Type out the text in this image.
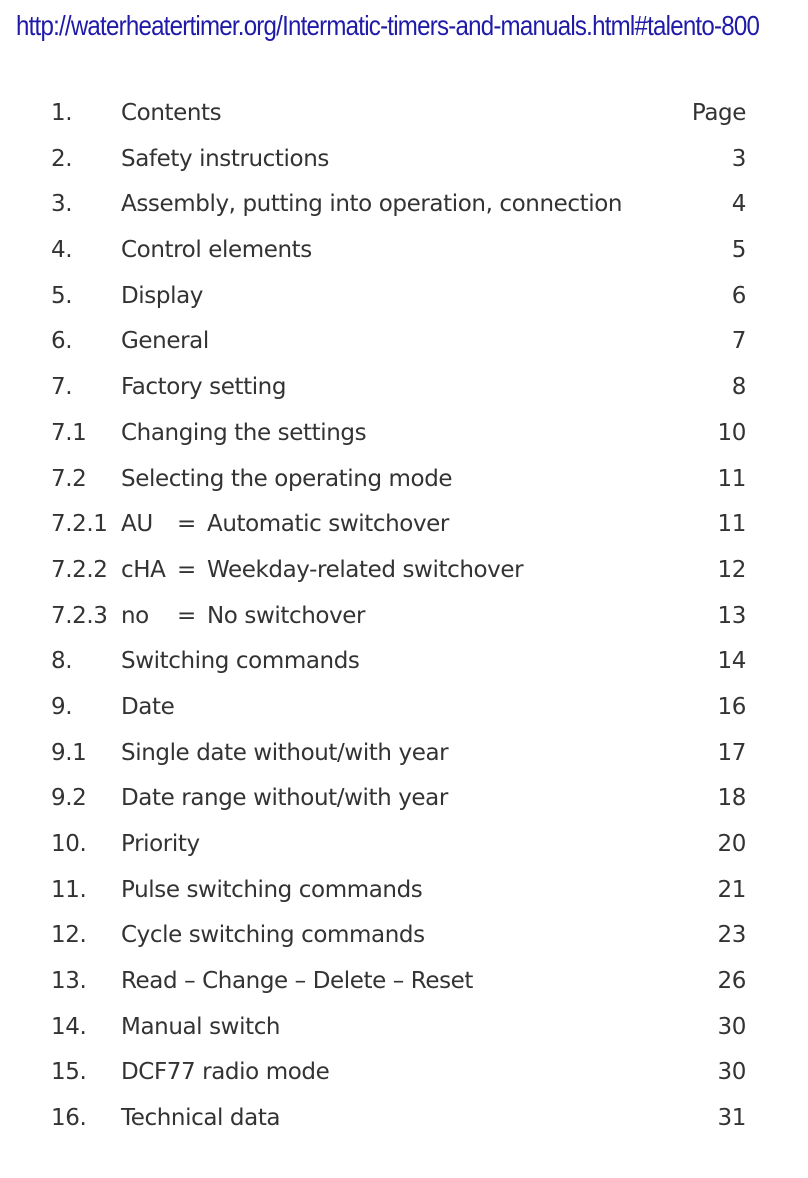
http://waterheatertimer.org/Intermatic-timers-and-manuals.html#talento-800
1. Contents	Page
2. Safety instructions	3
3. Assembly, putting into operation, connection	4
4. Control elements	5
5. Display	6
6. General	7
7. Factory setting	8
7.1 Changing the settings	10
7.2 Selecting the operating mode	11
7.2.1 AU = Automatic switchover	11
7.2.2 cHA = Weekday-related switchover	12
7.2.3 no = No switchover	13
8. Switching commands	14
9. Date	16
9.1 Single date without/with year	17
9.2 Date range without/with year	18
10. Priority	20
11. Pulse switching commands	21
12. Cycle switching commands	23
13. Read – Change – Delete – Reset	26
14. Manual switch	30
15. DCF77 radio mode	30
16. Technical data	31
